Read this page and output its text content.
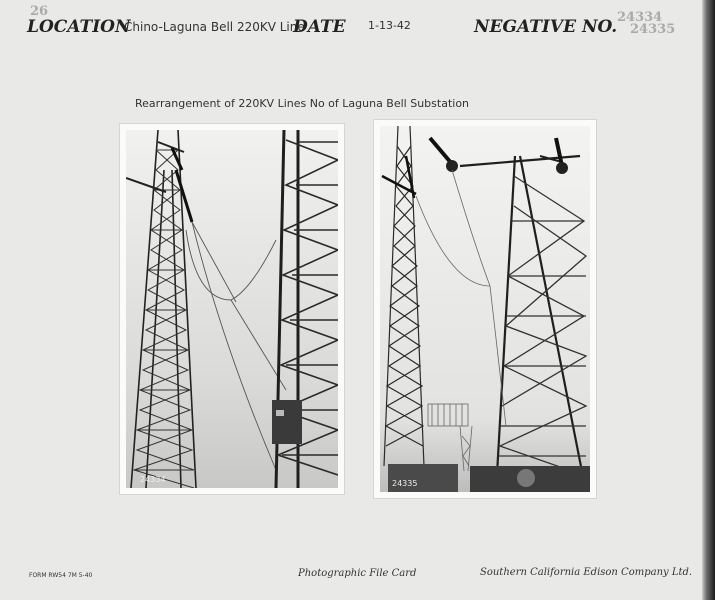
26
LOCATION
Chino-Laguna Bell 220KV Line
DATE 1-13-42	NEGATIVE NO. 24334
24335
Rearrangement of 220KV Lines No of Laguna Bell Substation
24334	24335
FORM RW54 7M 5-40	Photographic File Card	Southern California Edison Company Ltd.
